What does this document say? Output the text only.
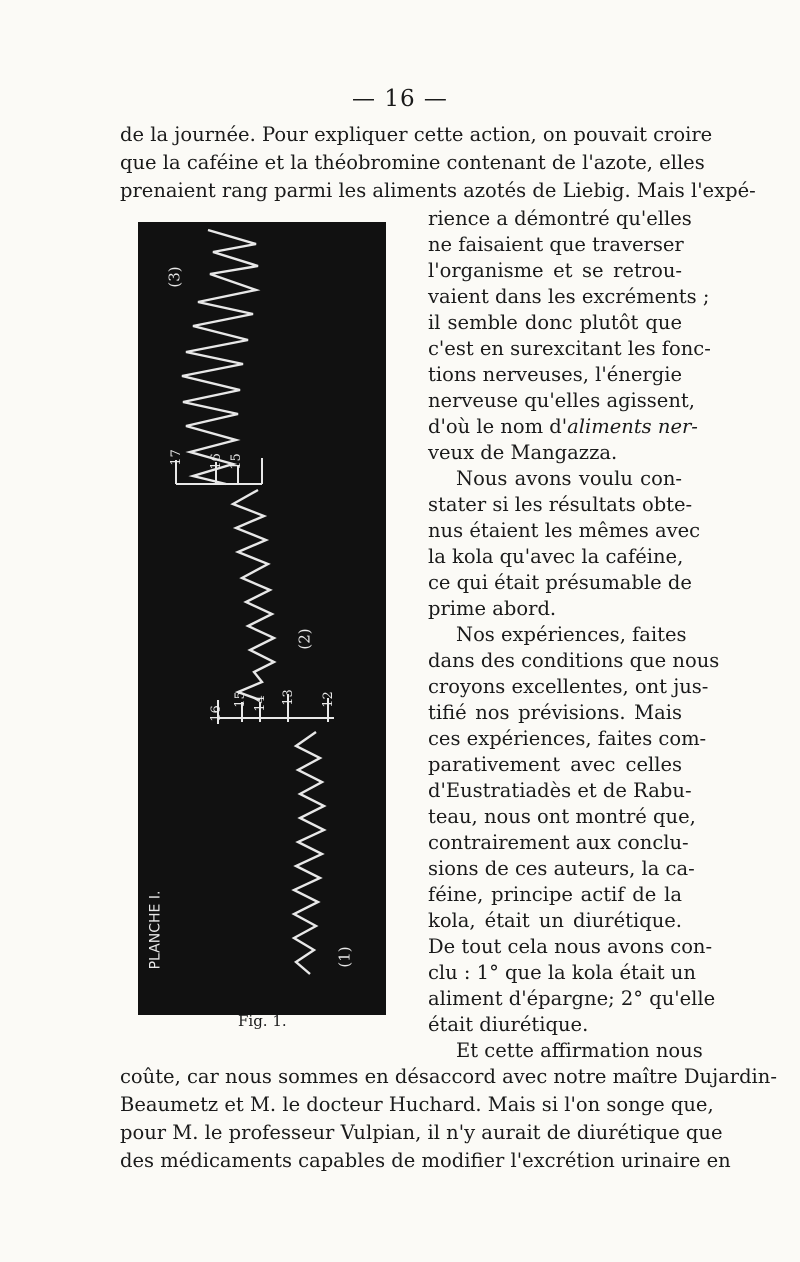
— 16 —
de la journée. Pour expliquer cette action, on pouvait croire
que la caféine et la théobromine contenant de l'azote, elles
prenaient rang parmi les aliments azotés de Liebig. Mais l'expé-
(3)
(2)
(1)
PLANCHE I.
17 16 15
16
15 14 13 12
Fig. 1.
rience a démontré qu'elles
ne faisaient que traverser
l'organisme et se retrou-
vaient dans les excréments ;
il semble donc plutôt que
c'est en surexcitant les fonc-
tions nerveuses, l'énergie
nerveuse qu'elles agissent,
d'où le nom d'aliments ner-
veux de Mangazza.
Nous avons voulu con-
stater si les résultats obte-
nus étaient les mêmes avec
la kola qu'avec la caféine,
ce qui était présumable de
prime abord.
Nos expériences, faites
dans des conditions que nous
croyons excellentes, ont jus-
tifié nos prévisions. Mais
ces expériences, faites com-
parativement avec celles
d'Eustratiadès et de Rabu-
teau, nous ont montré que,
contrairement aux conclu-
sions de ces auteurs, la ca-
féine, principe actif de la
kola, était un diurétique.
De tout cela nous avons con-
clu : 1° que la kola était un
aliment d'épargne; 2° qu'elle
était diurétique.
Et cette affirmation nous
coûte, car nous sommes en désaccord avec notre maître Dujardin-
Beaumetz et M. le docteur Huchard. Mais si l'on songe que,
pour M. le professeur Vulpian, il n'y aurait de diurétique que
des médicaments capables de modifier l'excrétion urinaire en
